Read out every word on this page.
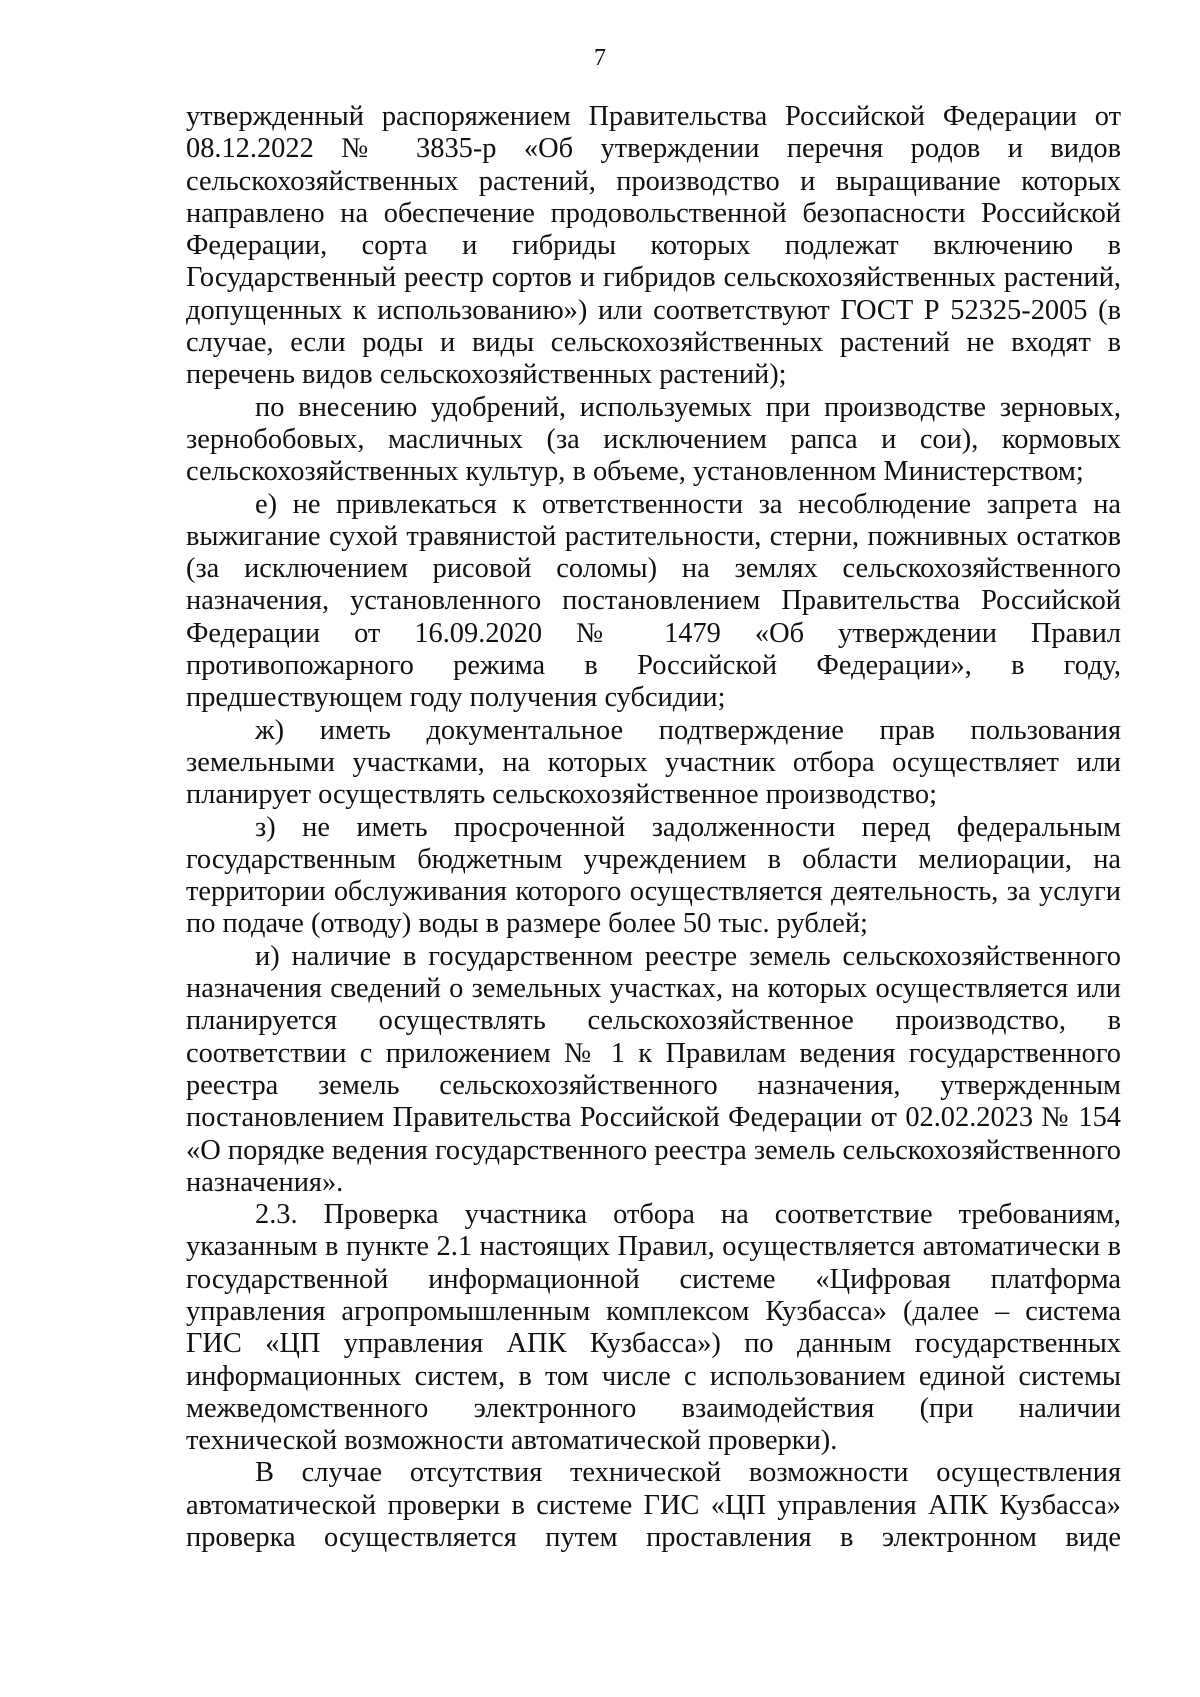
7

утвержденный распоряжением Правительства Российской Федерации от 08.12.2022 № 3835-р «Об утверждении перечня родов и видов сельскохозяйственных растений, производство и выращивание которых направлено на обеспечение продовольственной безопасности Российской Федерации, сорта и гибриды которых подлежат включению в Государственный реестр сортов и гибридов сельскохозяйственных растений, допущенных к использованию») или соответствуют ГОСТ Р 52325-2005 (в случае, если роды и виды сельскохозяйственных растений не входят в перечень видов сельскохозяйственных растений);

по внесению удобрений, используемых при производстве зерновых, зернобобовых, масличных (за исключением рапса и сои), кормовых сельскохозяйственных культур, в объеме, установленном Министерством;

е) не привлекаться к ответственности за несоблюдение запрета на выжигание сухой травянистой растительности, стерни, пожнивных остатков (за исключением рисовой соломы) на землях сельскохозяйственного назначения, установленного постановлением Правительства Российской Федерации от 16.09.2020 № 1479 «Об утверждении Правил противопожарного режима в Российской Федерации», в году, предшествующем году получения субсидии;

ж) иметь документальное подтверждение прав пользования земельными участками, на которых участник отбора осуществляет или планирует осуществлять сельскохозяйственное производство;

з) не иметь просроченной задолженности перед федеральным государственным бюджетным учреждением в области мелиорации, на территории обслуживания которого осуществляется деятельность, за услуги по подаче (отводу) воды в размере более 50 тыс. рублей;

и) наличие в государственном реестре земель сельскохозяйственного назначения сведений о земельных участках, на которых осуществляется или планируется осуществлять сельскохозяйственное производство, в соответствии с приложением № 1 к Правилам ведения государственного реестра земель сельскохозяйственного назначения, утвержденным постановлением Правительства Российской Федерации от 02.02.2023 № 154 «О порядке ведения государственного реестра земель сельскохозяйственного назначения».

2.3. Проверка участника отбора на соответствие требованиям, указанным в пункте 2.1 настоящих Правил, осуществляется автоматически в государственной информационной системе «Цифровая платформа управления агропромышленным комплексом Кузбасса» (далее – система ГИС «ЦП управления АПК Кузбасса») по данным государственных информационных систем, в том числе с использованием единой системы межведомственного электронного взаимодействия (при наличии технической возможности автоматической проверки).

В случае отсутствия технической возможности осуществления автоматической проверки в системе ГИС «ЦП управления АПК Кузбасса» проверка осуществляется путем проставления в электронном виде
